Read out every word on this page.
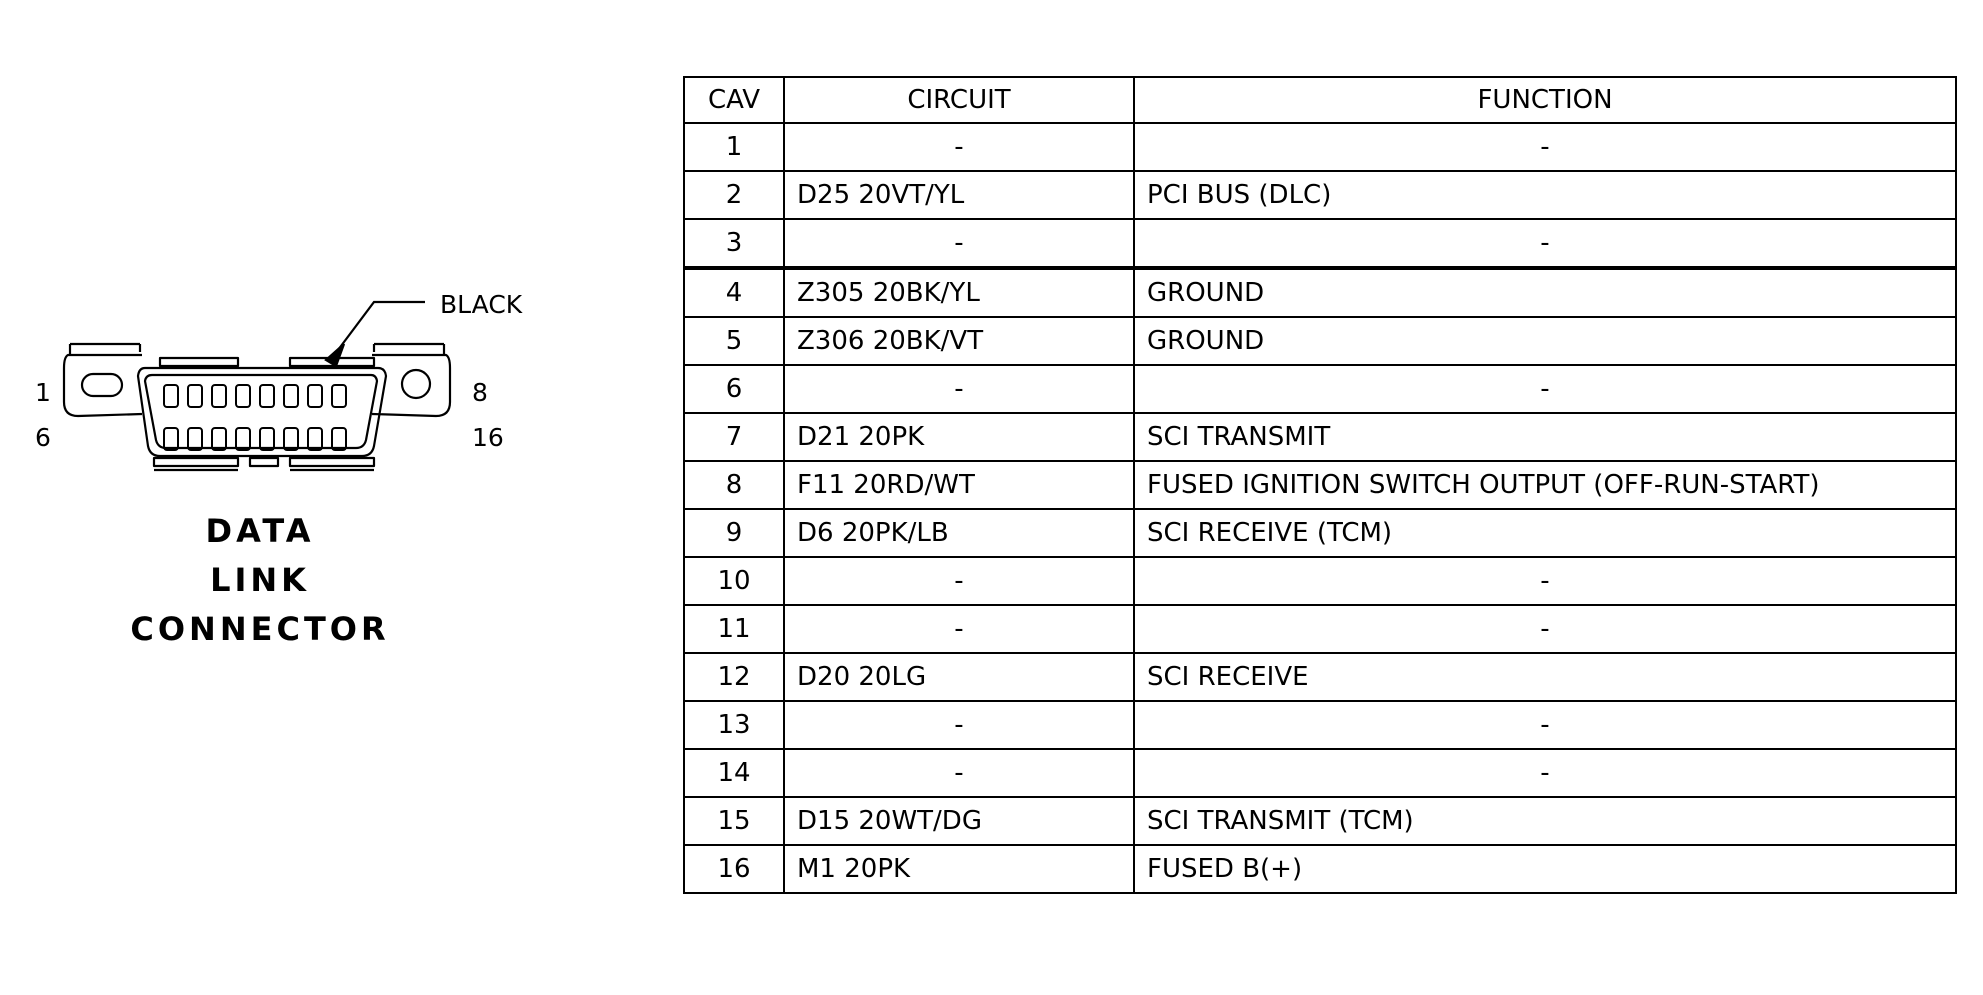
BLACK
1
6
8
16
DATA
LINK
CONNECTOR
CAV	CIRCUIT	FUNCTION
1	-	-
2	D25 20VT/YL	PCI BUS (DLC)
3	-	-
4	Z305 20BK/YL	GROUND
5	Z306 20BK/VT	GROUND
6	-	-
7	D21 20PK	SCI TRANSMIT
8	F11 20RD/WT	FUSED IGNITION SWITCH OUTPUT (OFF-RUN-START)
9	D6 20PK/LB	SCI RECEIVE (TCM)
10	-	-
11	-	-
12	D20 20LG	SCI RECEIVE
13	-	-
14	-	-
15	D15 20WT/DG	SCI TRANSMIT (TCM)
16	M1 20PK	FUSED B(+)
